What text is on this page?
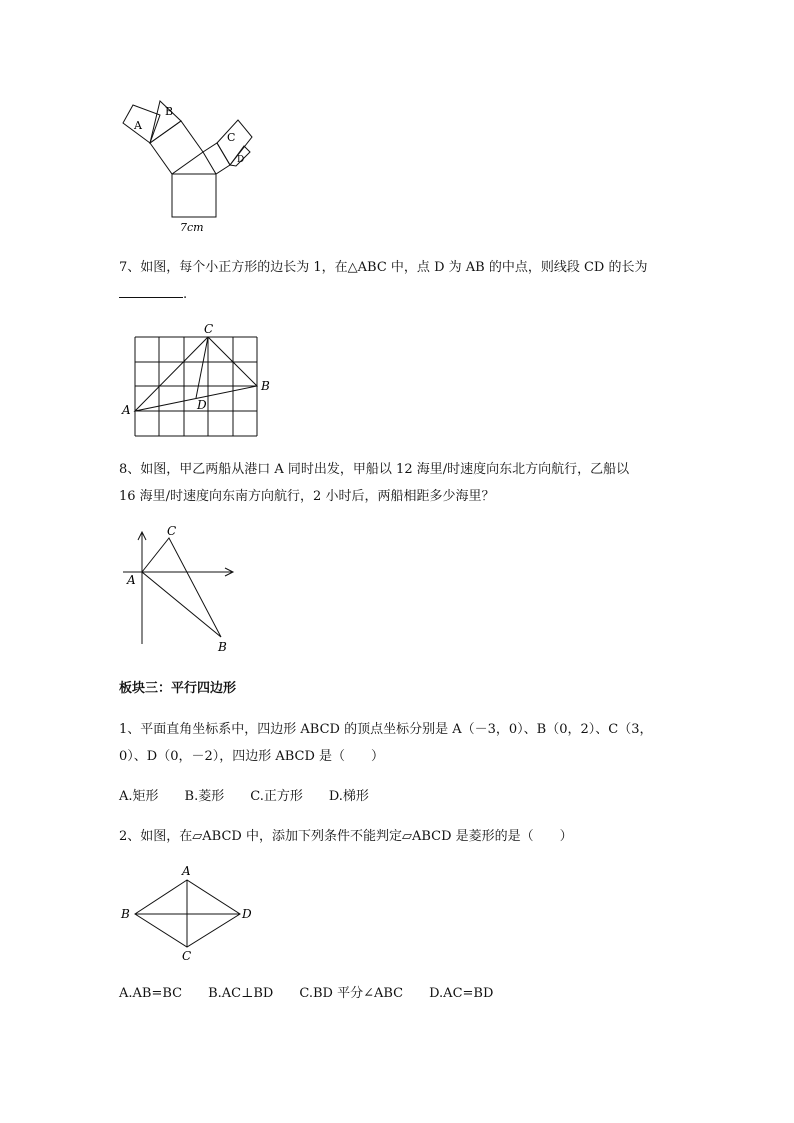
A
B
C
D
7cm
7、如图，每个小正方形的边长为 1，在△ABC 中，点 D 为 AB 的中点，则线段 CD 的长为
.
C
B
A	D
8、如图，甲乙两船从港口 A 同时出发，甲船以 12 海里/时速度向东北方向航行，乙船以
16 海里/时速度向东南方向航行，2 小时后，两船相距多少海里？
C
A
B
板块三：平行四边形
1、平面直角坐标系中，四边形 ABCD 的顶点坐标分别是 A（－3，0）、B（0，2）、C（3，
0）、D（0，－2），四边形 ABCD 是（　　）
A.矩形 B.菱形 C.正方形 D.梯形
2、如图，在▱ABCD 中，添加下列条件不能判定▱ABCD 是菱形的是（　　）
A
B	D
C
A.AB=BC B.AC⊥BD C.BD 平分∠ABC D.AC=BD
